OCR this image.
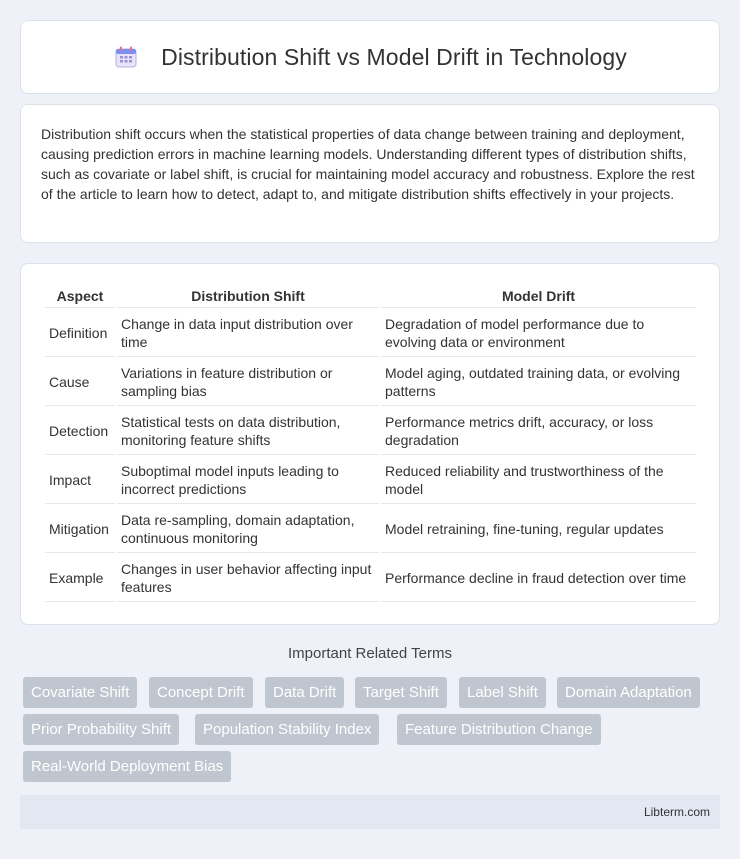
Distribution Shift vs Model Drift in Technology

Distribution shift occurs when the statistical properties of data change between training and deployment, causing prediction errors in machine learning models. Understanding different types of distribution shifts, such as covariate or label shift, is crucial for maintaining model accuracy and robustness. Explore the rest of the article to learn how to detect, adapt to, and mitigate distribution shifts effectively in your projects.

Aspect	Distribution Shift	Model Drift
Definition	Change in data input distribution over time	Degradation of model performance due to evolving data or environment
Cause	Variations in feature distribution or sampling bias	Model aging, outdated training data, or evolving patterns
Detection	Statistical tests on data distribution, monitoring feature shifts	Performance metrics drift, accuracy, or loss degradation
Impact	Suboptimal model inputs leading to incorrect predictions	Reduced reliability and trustworthiness of the model
Mitigation	Data re-sampling, domain adaptation, continuous monitoring	Model retraining, fine-tuning, regular updates
Example	Changes in user behavior affecting input features	Performance decline in fraud detection over time
Important Related Terms
Covariate Shift	Concept Drift	Data Drift	Target Shift	Label Shift	Domain Adaptation
Prior Probability Shift	Population Stability Index	Feature Distribution Change
Real-World Deployment Bias
Libterm.com
